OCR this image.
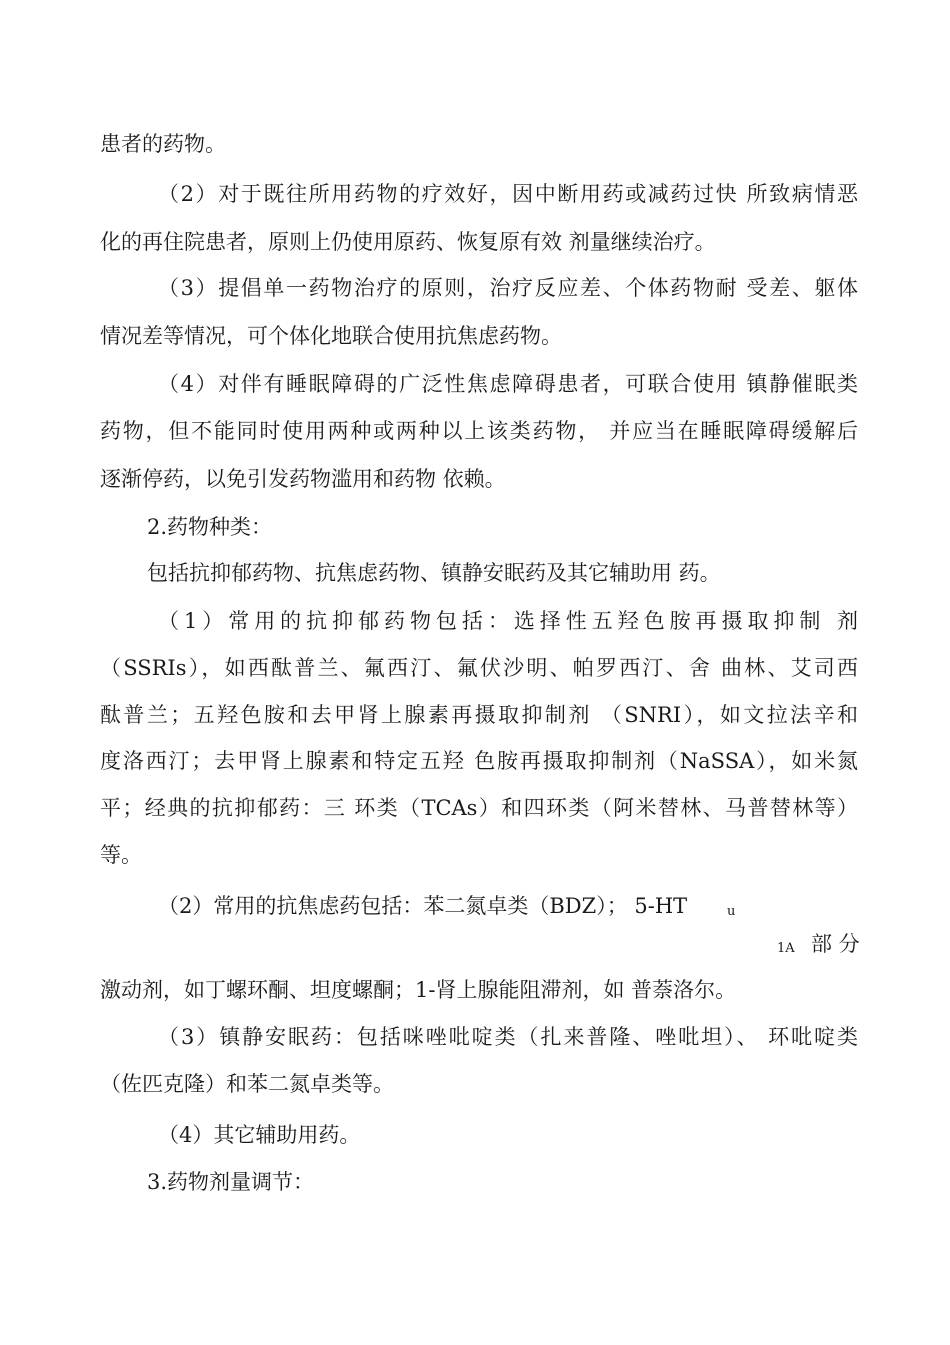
患者的药物。
（2）对于既往所用药物的疗效好，因中断用药或减药过快 所致病情恶
化的再住院患者，原则上仍使用原药、恢复原有效 剂量继续治疗。
（3）提倡单一药物治疗的原则，治疗反应差、个体药物耐 受差、躯体
情况差等情况，可个体化地联合使用抗焦虑药物。
（4）对伴有睡眠障碍的广泛性焦虑障碍患者，可联合使用 镇静催眠类
药物，但不能同时使用两种或两种以上该类药物， 并应当在睡眠障碍缓解后
逐渐停药，以免引发药物滥用和药物 依赖。
2.药物种类：
包括抗抑郁药物、抗焦虑药物、镇静安眠药及其它辅助用 药。
（1）常用的抗抑郁药物包括：选择性五羟色胺再摄取抑制 剂
（SSRIs），如西酞普兰、氟西汀、氟伏沙明、帕罗西汀、舍 曲林、艾司西
酞普兰；五羟色胺和去甲肾上腺素再摄取抑制剂 （SNRI），如文拉法辛和
度洛西汀；去甲肾上腺素和特定五羟 色胺再摄取抑制剂（NaSSA），如米氮
平；经典的抗抑郁药：三 环类（TCAs）和四环类（阿米替林、马普替林等）
等。
（2）常用的抗焦虑药包括：苯二氮卓类（BDZ）； 5-HT	u
1A 部 分
激动剂，如丁螺环酮、坦度螺酮；1-肾上腺能阻滞剂，如 普萘洛尔。
（3）镇静安眠药：包括咪唑吡啶类（扎来普隆、唑吡坦）、 环吡啶类
（佐匹克隆）和苯二氮卓类等。
（4）其它辅助用药。
3.药物剂量调节：
